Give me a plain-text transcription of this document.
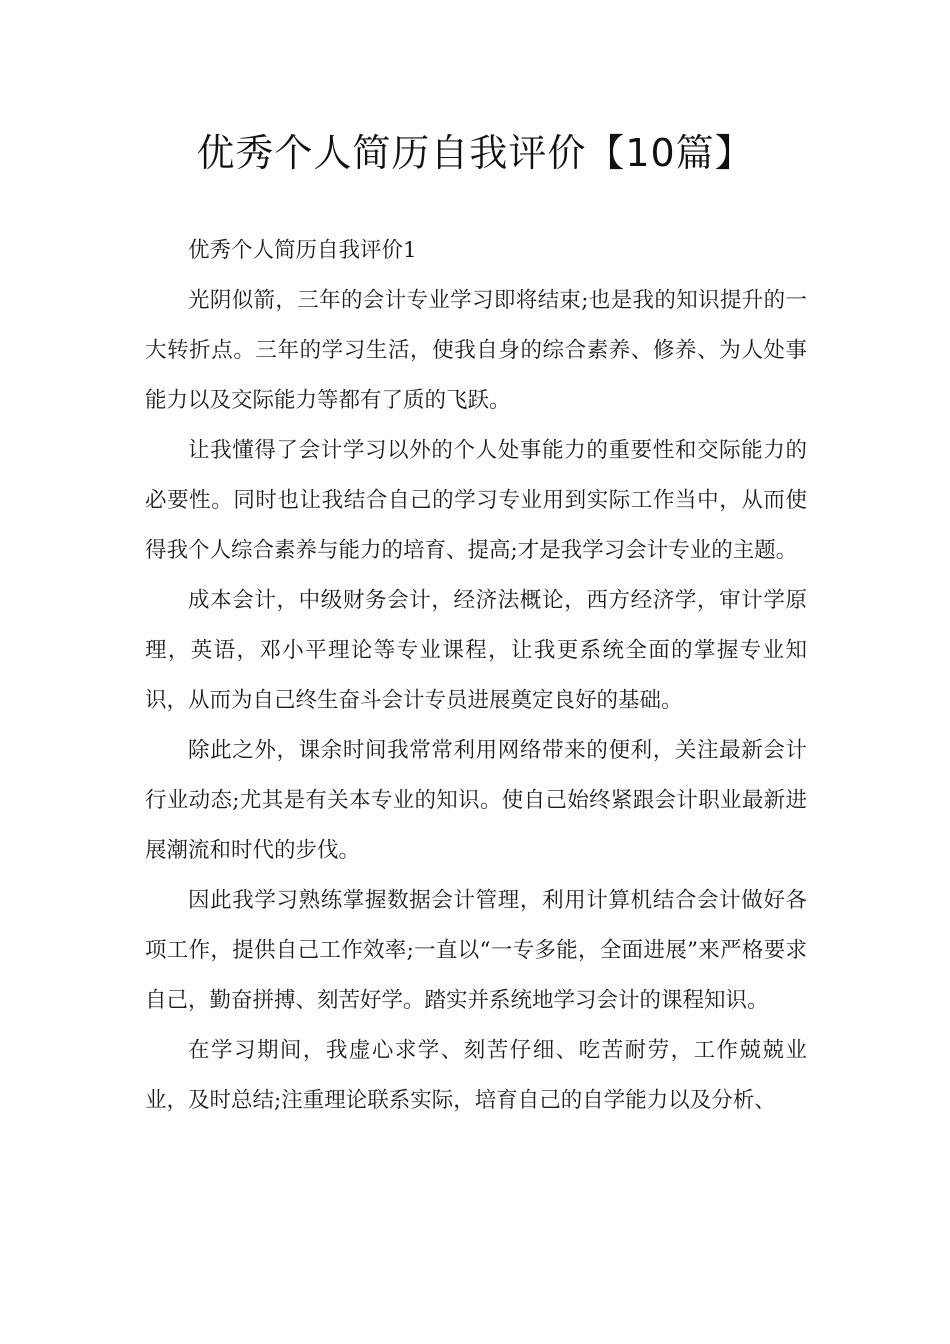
优秀个人简历自我评价【10篇】

优秀个人简历自我评价1

光阴似箭，三年的会计专业学习即将结束;也是我的知识提升的一大转折点。三年的学习生活，使我自身的综合素养、修养、为人处事能力以及交际能力等都有了质的飞跃。

让我懂得了会计学习以外的个人处事能力的重要性和交际能力的必要性。同时也让我结合自己的学习专业用到实际工作当中，从而使得我个人综合素养与能力的培育、提高;才是我学习会计专业的主题。

成本会计，中级财务会计，经济法概论，西方经济学，审计学原理，英语，邓小平理论等专业课程，让我更系统全面的掌握专业知识，从而为自己终生奋斗会计专员进展奠定良好的基础。

除此之外，课余时间我常常利用网络带来的便利，关注最新会计行业动态;尤其是有关本专业的知识。使自己始终紧跟会计职业最新进展潮流和时代的步伐。

因此我学习熟练掌握数据会计管理，利用计算机结合会计做好各项工作，提供自己工作效率;一直以“一专多能，全面进展”来严格要求自己，勤奋拼搏、刻苦好学。踏实并系统地学习会计的课程知识。

在学习期间，我虚心求学、刻苦仔细、吃苦耐劳，工作兢兢业业，及时总结;注重理论联系实际，培育自己的自学能力以及分析、
